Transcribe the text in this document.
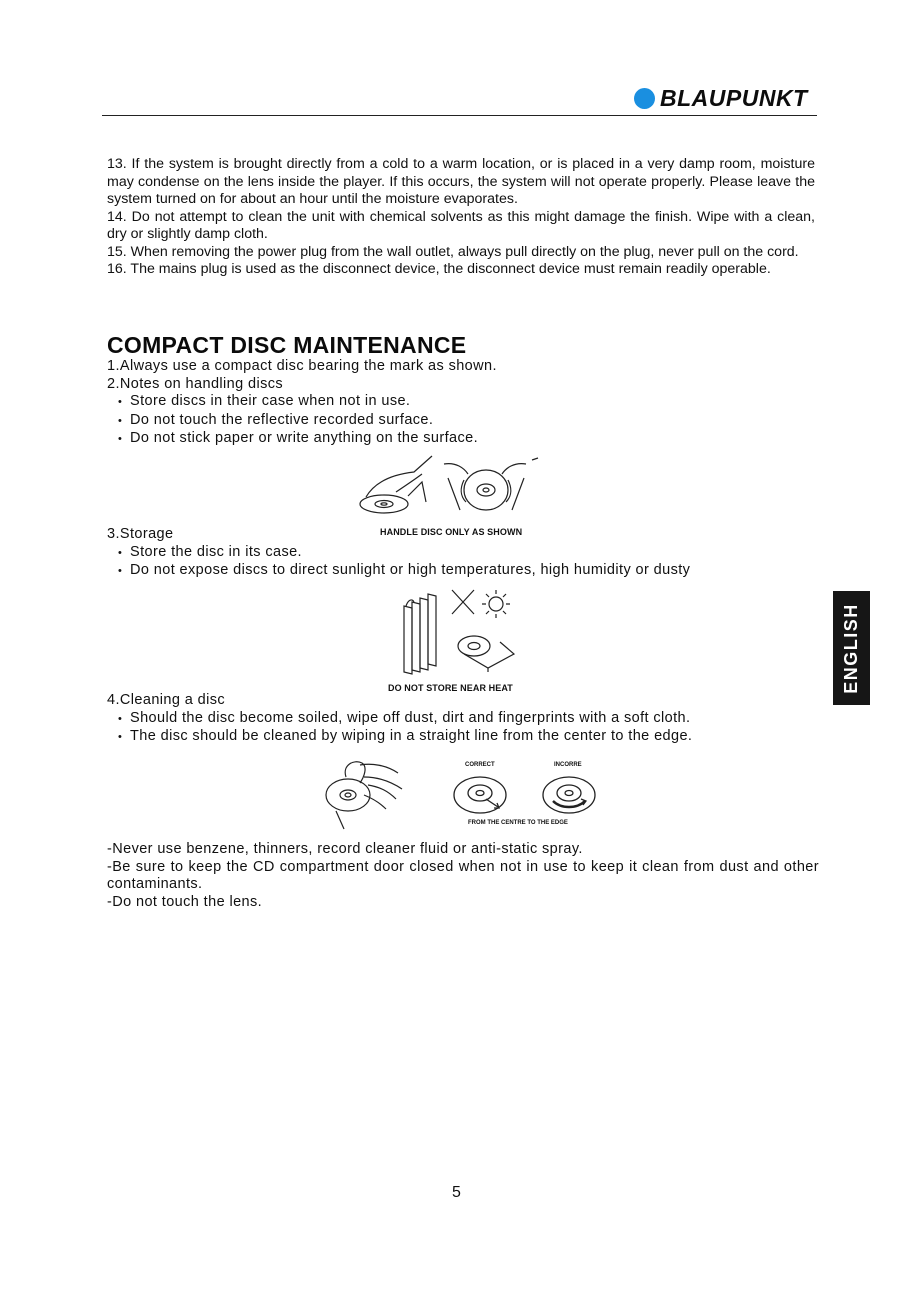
BLAUPUNKT

13. If the system is brought directly from a cold to a warm location, or is placed in a very damp room, moisture may condense on the lens inside the player. If this occurs, the system will not operate properly. Please leave the system turned on for about an hour until the moisture evaporates.

14. Do not attempt to clean the unit with chemical solvents as this might damage the finish. Wipe with a clean, dry or slightly damp cloth.

15. When removing the power plug from the wall outlet, always pull directly on the plug, never pull on the cord.

16. The mains plug is used as the disconnect device, the disconnect device must remain readily operable.

COMPACT DISC MAINTENANCE

1.Always use a compact disc bearing the mark as shown.

2.Notes on handling discs

• Store discs in their case when not in use.

• Do not touch the reflective recorded surface.

• Do not stick paper or write anything on the surface.

HANDLE DISC ONLY AS SHOWN

3.Storage

• Store the disc in its case.

• Do not expose discs to direct sunlight or high temperatures, high humidity or dusty

DO NOT STORE NEAR HEAT

4.Cleaning a disc

• Should the disc become soiled, wipe off dust, dirt and fingerprints with a soft cloth.

• The disc should be cleaned by wiping in a straight line from the center to the edge.

CORRECT	INCORRE
FROM THE CENTRE TO THE EDGE

-Never use benzene, thinners, record cleaner fluid or anti-static spray.

-Be sure to keep the CD compartment door closed when not in use to keep it clean from dust and other contaminants.

-Do not touch the lens.

ENGLISH
5
